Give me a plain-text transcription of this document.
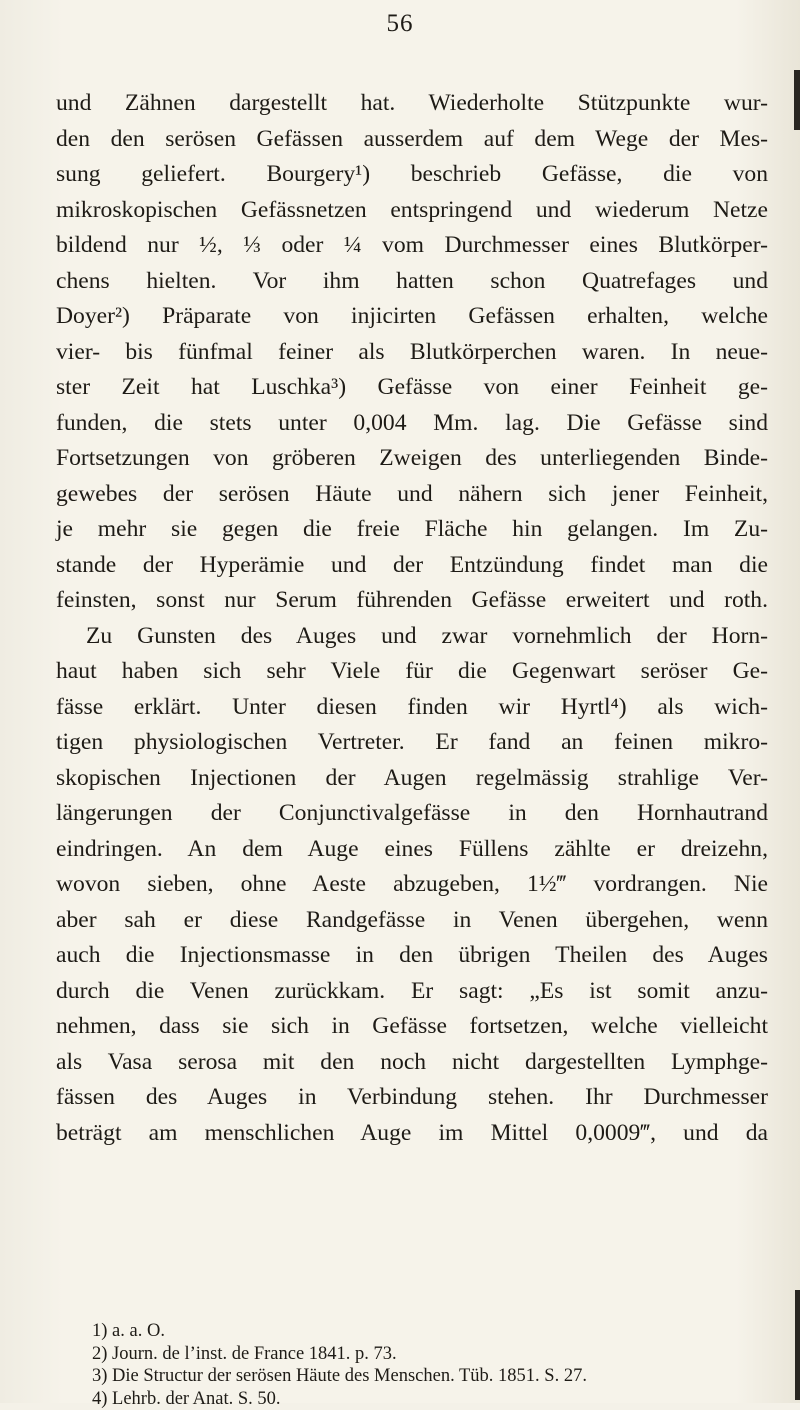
56
und Zähnen dargestellt hat. Wiederholte Stützpunkte wur-
den den serösen Gefässen ausserdem auf dem Wege der Mes-
sung geliefert. Bourgery¹) beschrieb Gefässe, die von
mikroskopischen Gefässnetzen entspringend und wiederum Netze
bildend nur ½, ⅓ oder ¼ vom Durchmesser eines Blutkörper-
chens hielten. Vor ihm hatten schon Quatrefages und
Doyer²) Präparate von injicirten Gefässen erhalten, welche
vier- bis fünfmal feiner als Blutkörperchen waren. In neue-
ster Zeit hat Luschka³) Gefässe von einer Feinheit ge-
funden, die stets unter 0,004 Mm. lag. Die Gefässe sind
Fortsetzungen von gröberen Zweigen des unterliegenden Binde-
gewebes der serösen Häute und nähern sich jener Feinheit,
je mehr sie gegen die freie Fläche hin gelangen. Im Zu-
stande der Hyperämie und der Entzündung findet man die
feinsten, sonst nur Serum führenden Gefässe erweitert und roth.
Zu Gunsten des Auges und zwar vornehmlich der Horn-
haut haben sich sehr Viele für die Gegenwart seröser Ge-
fässe erklärt. Unter diesen finden wir Hyrtl⁴) als wich-
tigen physiologischen Vertreter. Er fand an feinen mikro-
skopischen Injectionen der Augen regelmässig strahlige Ver-
längerungen der Conjunctivalgefässe in den Hornhautrand
eindringen. An dem Auge eines Füllens zählte er dreizehn,
wovon sieben, ohne Aeste abzugeben, 1½‴ vordrangen. Nie
aber sah er diese Randgefässe in Venen übergehen, wenn
auch die Injectionsmasse in den übrigen Theilen des Auges
durch die Venen zurückkam. Er sagt: „Es ist somit anzu-
nehmen, dass sie sich in Gefässe fortsetzen, welche vielleicht
als Vasa serosa mit den noch nicht dargestellten Lymphge-
fässen des Auges in Verbindung stehen. Ihr Durchmesser
beträgt am menschlichen Auge im Mittel 0,0009‴, und da
1) a. a. O.
2) Journ. de l’inst. de France 1841. p. 73.
3) Die Structur der serösen Häute des Menschen. Tüb. 1851. S. 27.
4) Lehrb. der Anat. S. 50.
